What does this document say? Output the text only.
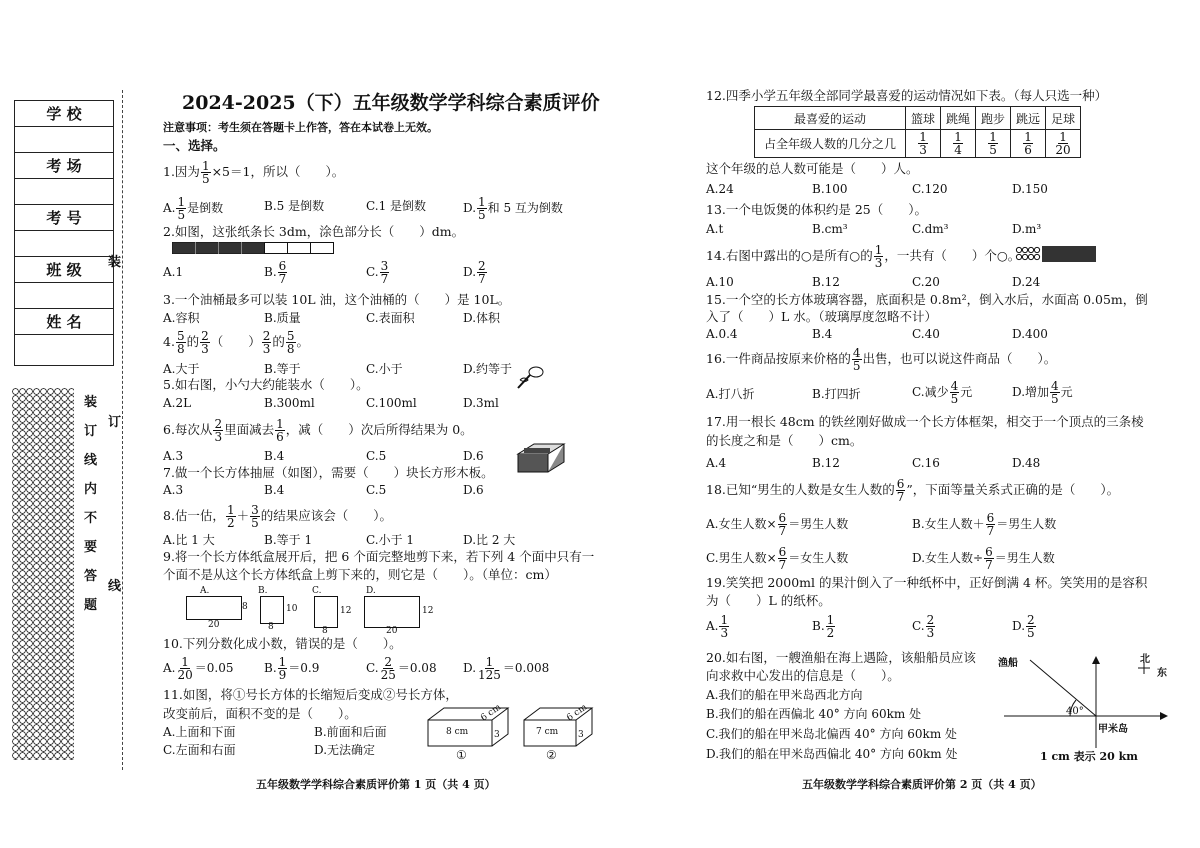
学 校
考 场
考 号
班 级
姓 名
装
订
线
装
订
线
内
不
要
答
题
2024-2025（下）五年级数学学科综合素质评价
注意事项：考生须在答题卡上作答，答在本试卷上无效。
一、选择。
1.因为 $\frac{1}{5} \times 5=1$，所以（　　）。
A. $\frac{1}{5}$ 是倒数	B.5 是倒数	C.1 是倒数	D. $\frac{1}{5}$ 和 5 互为倒数
2.如图，这张纸条长 3dm，涂色部分长（　　）dm。
A.1	B. $\frac{6}{7}$	C. $\frac{3}{7}$	D. $\frac{2}{7}$
3.一个油桶最多可以装 10L 油，这个油桶的（　　）是 10L。
A.容积	B.质量	C.表面积	D.体积
4. $\frac{5}{8}$ 的 $\frac{2}{3}$ （　　） $\frac{2}{3}$ 的 $\frac{5}{8}$ 。
A.大于	B.等于	C.小于	D.约等于
5.如右图，小勺大约能装水（　　）。
A.2L	B.300ml	C.100ml	D.3ml
6.每次从 $\frac{2}{3}$ 里面减去 $\frac{1}{6}$ ，减（　　）次后所得结果为 0。
A.3	B.4	C.5	D.6
7.做一个长方体抽屉（如图），需要（　　）块长方形木板。
A.3	B.4	C.5	D.6
8.估一估， $\frac{1}{2} + \frac{3}{5}$ 的结果应该会（　　）。
A.比 1 大	B.等于 1	C.小于 1	D.比 2 大
9.将一个长方体纸盒展开后，把 6 个面完整地剪下来，若下列 4 个面中只有一
个面不是从这个长方体纸盒上剪下来的，则它是（　　）。（单位：cm）
A.
8
20
B.
10
8
C.
12
8
D.
12
20
10.下列分数化成小数，错误的是（　　）。
A. $\frac{1}{20} =0.05$	B. $\frac{1}{9} =0.9$	C. $\frac{2}{25} =0.08$ D. $\frac{1}{125} =0.008$
11.如图，将①号长方体的长缩短后变成②号长方体，
改变前后，面积不变的是（　　）。
A.上面和下面	B.前面和后面
C.左面和右面	D.无法确定
8 cm
6 cm
3
①
7 cm
6 cm
3
②
五年级数学学科综合素质评价第 1 页（共 4 页）
12.四季小学五年级全部同学最喜爱的运动情况如下表。（每人只选一种）
最喜爱的运动	篮球	跳绳	跑步	跳远	足球
占全年级人数的几分之几	$\frac{1}{3}$	$\frac{1}{4}$	$\frac{1}{5}$	$\frac{1}{6}$	$\frac{1}{20}$
这个年级的总人数可能是（　　）人。
A.24	B.100	C.120	D.150
13.一个电饭煲的体积约是 25（　　）。
A.t	B.cm³	C.dm³	D.m³
14.右图中露出的○是所有○的 $\frac{1}{3}$ ，一共有（　　）个○。
A.10	B.12	C.20	D.24
15.一个空的长方体玻璃容器，底面积是 0.8m²，倒入水后，水面高 0.05m，倒
入了（　　）L 水。（玻璃厚度忽略不计）
A.0.4	B.4	C.40	D.400
16.一件商品按原来价格的 $\frac{4}{5}$ 出售，也可以说这件商品（　　）。
A.打八折	B.打四折	C.减少 $\frac{4}{5}$ 元	D.增加 $\frac{4}{5}$ 元
17.用一根长 48cm 的铁丝刚好做成一个长方体框架，相交于一个顶点的三条棱
的长度之和是（　　）cm。
A.4	B.12	C.16	D.48
18.已知“男生的人数是女生人数的 $\frac{6}{7}$ ”，下面等量关系式正确的是（　　）。
A.女生人数× $\frac{6}{7}$ ＝男生人数	B.女生人数＋ $\frac{6}{7}$ ＝男生人数
C.男生人数× $\frac{6}{7}$ ＝女生人数	D.女生人数÷ $\frac{6}{7}$ ＝男生人数
19.笑笑把 2000ml 的果汁倒入了一种纸杯中，正好倒满 4 杯。笑笑用的是容积
为（　　）L 的纸杯。
A. $\frac{1}{3}$	B. $\frac{1}{2}$	C. $\frac{2}{3}$	D. $\frac{2}{5}$
20.如右图，一艘渔船在海上遇险，该船船员应该
向求救中心发出的信息是（　　）。
A.我们的船在甲米岛西北方向
B.我们的船在西偏北 40° 方向 60km 处
C.我们的船在甲米岛北偏西 40° 方向 60km 处
D.我们的船在甲米岛西偏北 40° 方向 60km 处
渔船
40°
甲米岛
北
东
1 cm 表示 20 km
五年级数学学科综合素质评价第 2 页（共 4 页）
